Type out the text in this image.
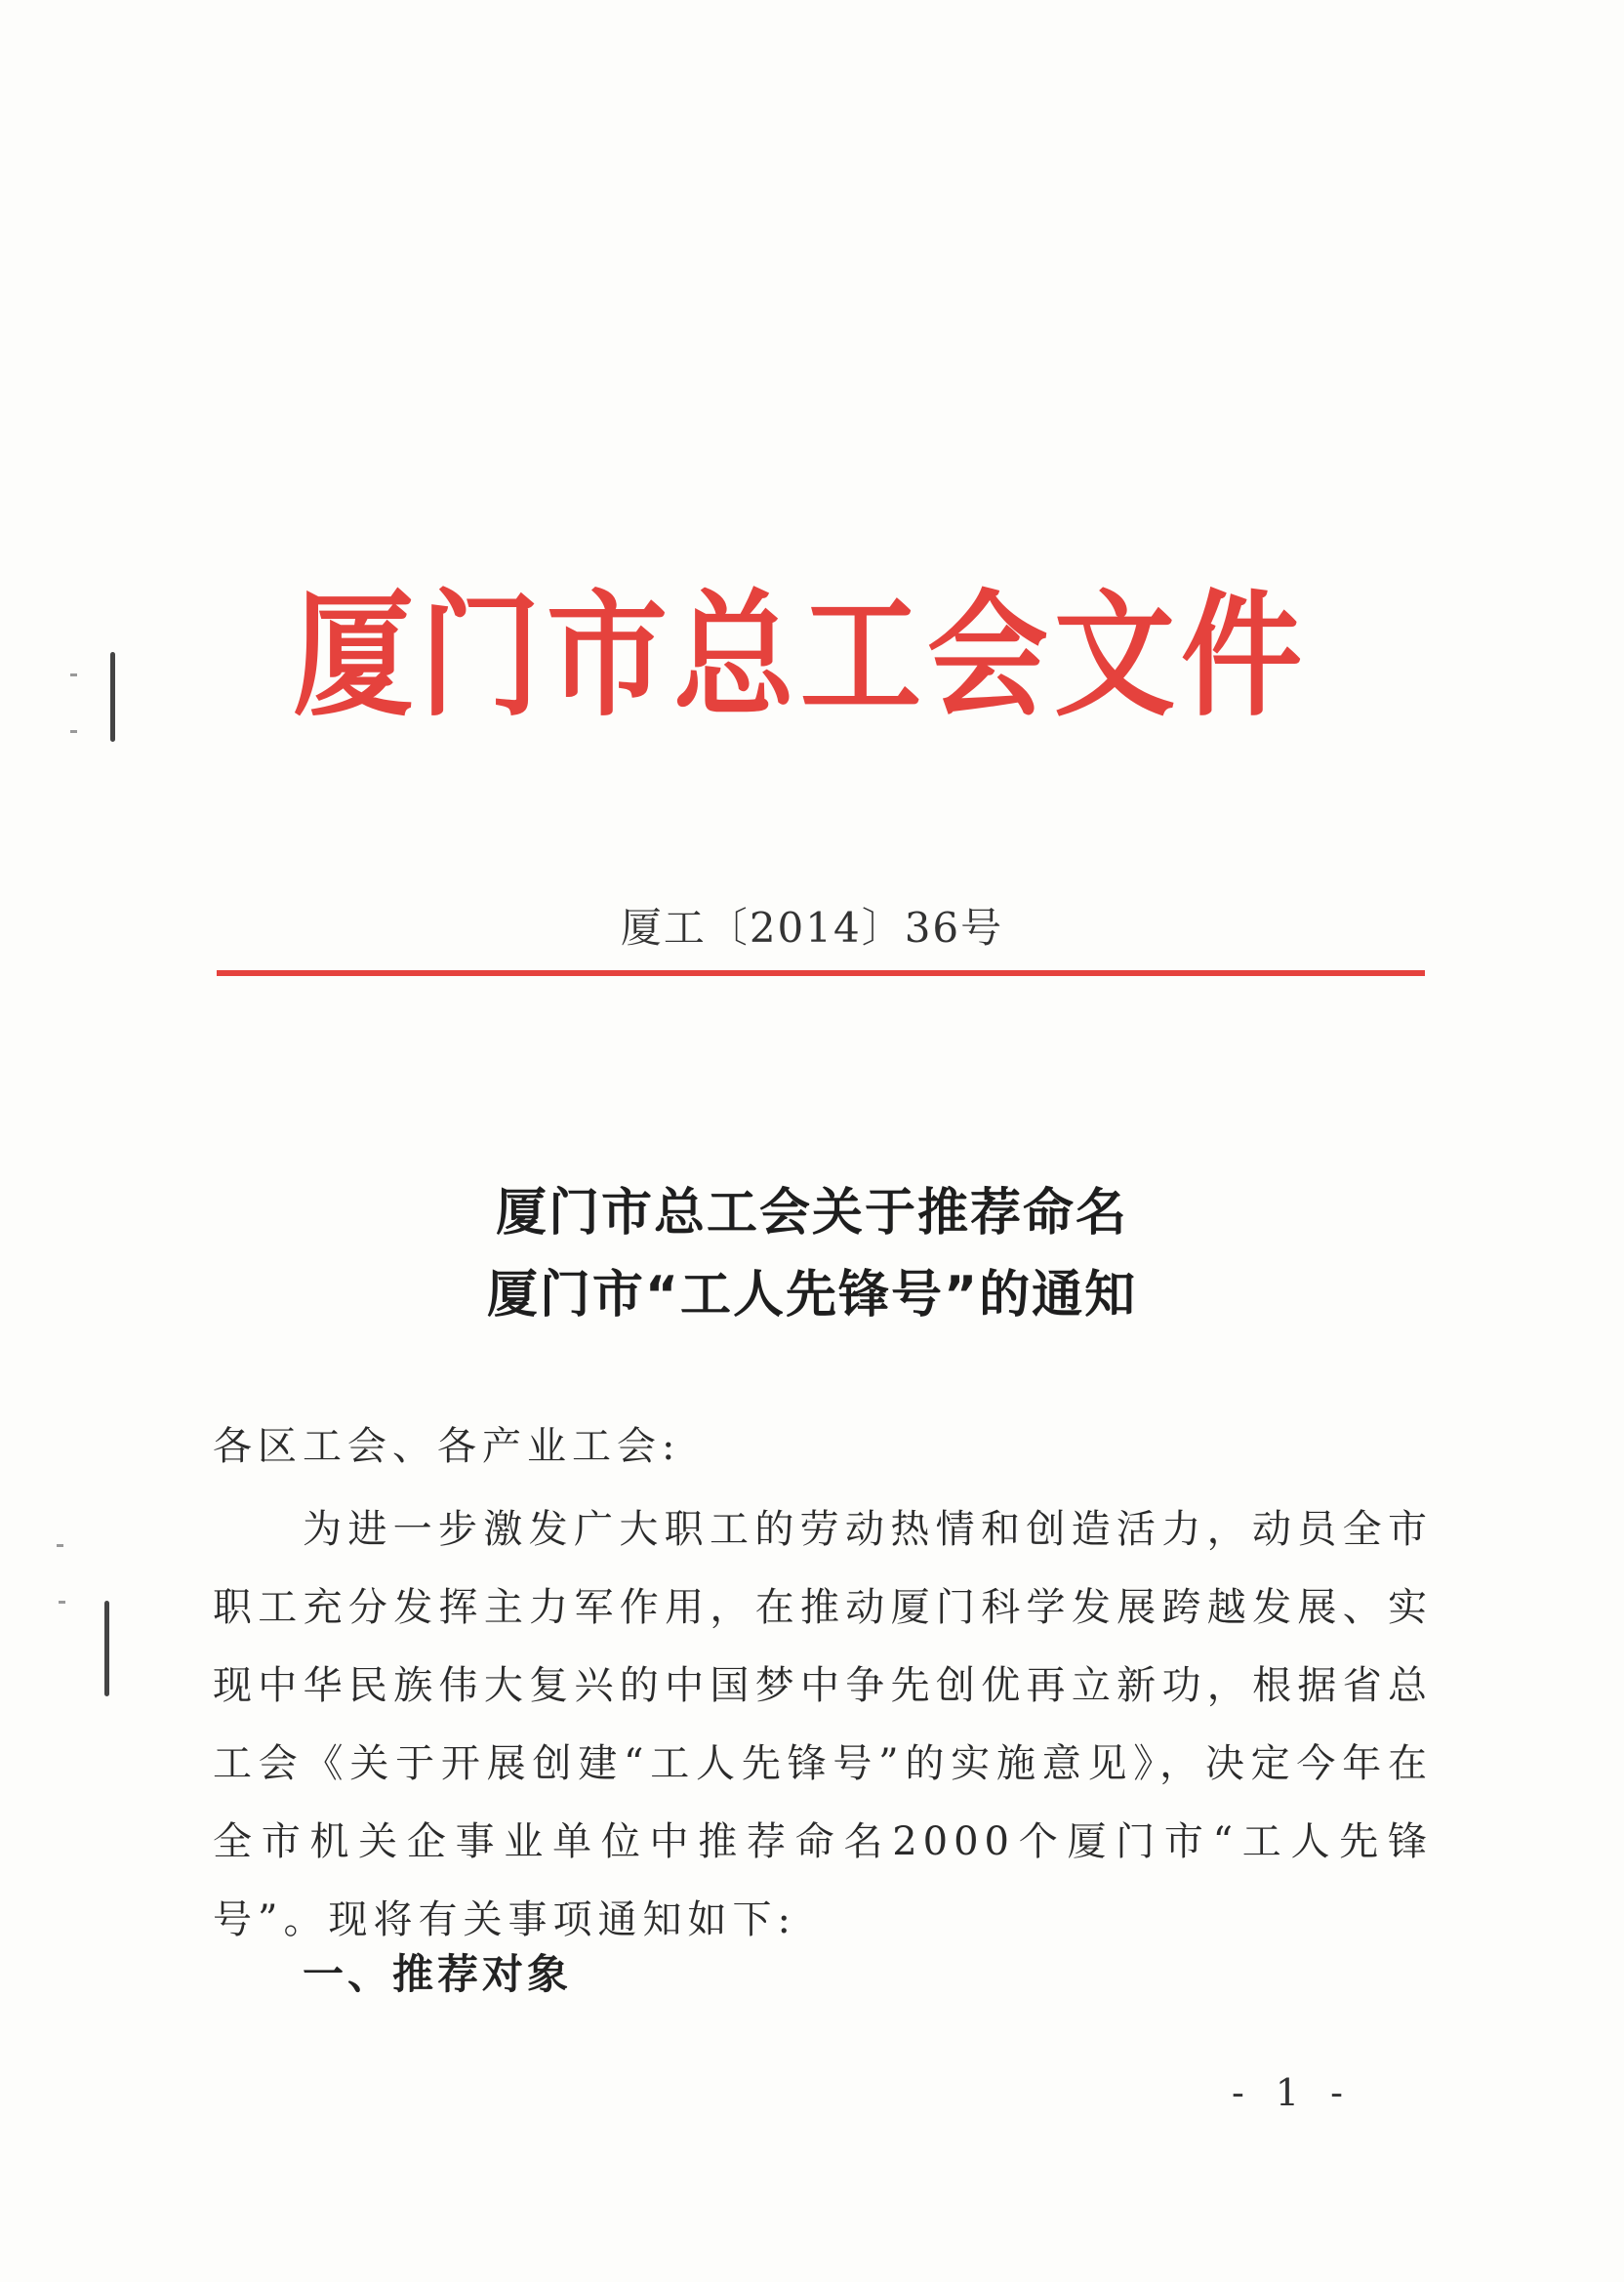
厦门市总工会文件
厦工〔2014〕36号
厦门市总工会关于推荐命名
厦门市“工人先锋号”的通知
各区工会、各产业工会:
为进一步激发广大职工的劳动热情和创造活力，动员全市职工充分发挥主力军作用，在推动厦门科学发展跨越发展、实现中华民族伟大复兴的中国梦中争先创优再立新功，根据省总工会《关于开展创建“工人先锋号”的实施意见》，决定今年在全市机关企事业单位中推荐命名2000个厦门市“工人先锋号”。现将有关事项通知如下:
一、推荐对象
- 1 -
